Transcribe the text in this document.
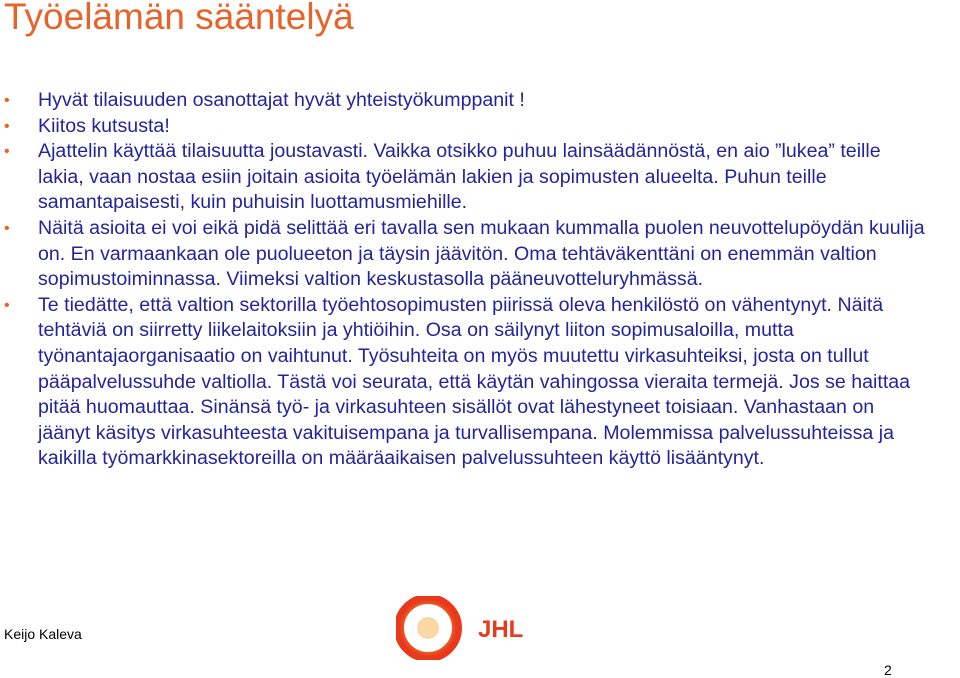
Työelämän sääntelyä
• Hyvät tilaisuuden osanottajat hyvät yhteistyökumppanit !
• Kiitos kutsusta!
• Ajattelin käyttää tilaisuutta joustavasti. Vaikka otsikko puhuu lainsäädännöstä, en aio ”lukea” teille lakia, vaan nostaa esiin joitain asioita työelämän lakien ja sopimusten alueelta. Puhun teille samantapaisesti, kuin puhuisin luottamusmiehille.
• Näitä asioita ei voi eikä pidä selittää eri tavalla sen mukaan kummalla puolen neuvottelupöydän kuulija on. En varmaankaan ole puolueeton ja täysin jäävitön. Oma tehtäväkenttäni on enemmän valtion sopimustoiminnassa. Viimeksi valtion keskustasolla pääneuvotteluryhmässä.
• Te tiedätte, että valtion sektorilla työehtosopimusten piirissä oleva henkilöstö on vähentynyt. Näitä tehtäviä on siirretty liikelaitoksiin ja yhtiöihin. Osa on säilynyt liiton sopimusaloilla, mutta työnantajaorganisaatio on vaihtunut. Työsuhteita on myös muutettu virkasuhteiksi, josta on tullut pääpalvelussuhde valtiolla. Tästä voi seurata, että käytän vahingossa vieraita termejä. Jos se haittaa pitää huomauttaa. Sinänsä työ- ja virkasuhteen sisällöt ovat lähestyneet toisiaan. Vanhastaan on jäänyt käsitys virkasuhteesta vakituisempana ja turvallisempana. Molemmissa palvelussuhteissa ja kaikilla työmarkkinasektoreilla on määräaikaisen palvelussuhteen käyttö lisääntynyt.
Keijo Kaleva	JHL
2
